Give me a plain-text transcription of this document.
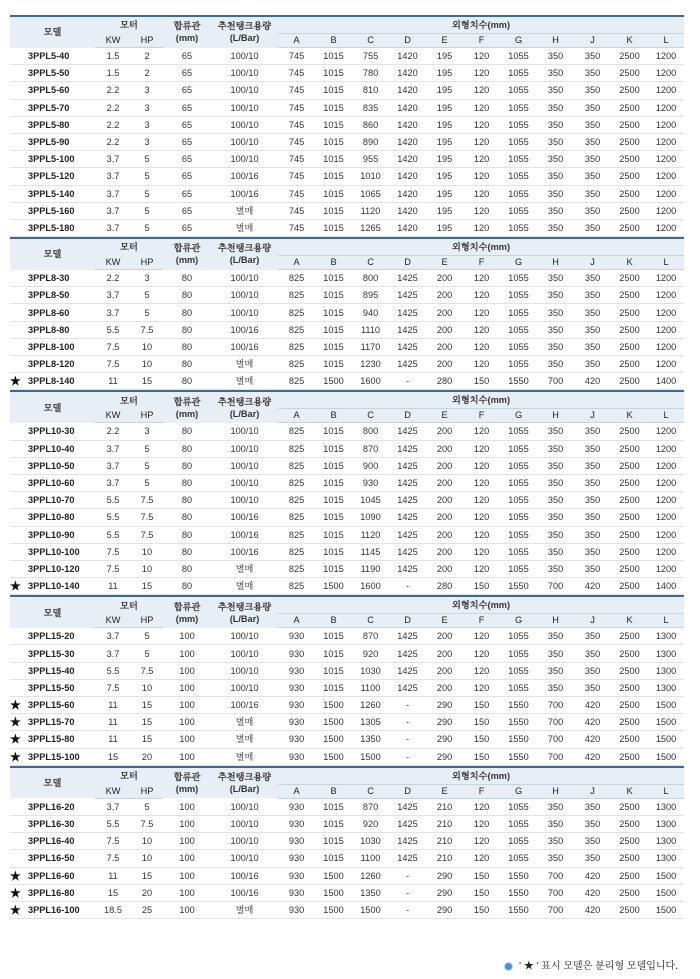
모델	모터		합류관
(mm)	추천탱크용량
(L/Bar)	외형치수(mm)										
	KW	HP			A	B	C	D	E	F	G	H	J	K	L
3PPL5-40	1.5	2	65	100/10	745	1015	755	1420	195	120	1055	350	350	2500	1200
3PPL5-50	1.5	2	65	100/10	745	1015	780	1420	195	120	1055	350	350	2500	1200
3PPL5-60	2.2	3	65	100/10	745	1015	810	1420	195	120	1055	350	350	2500	1200
3PPL5-70	2.2	3	65	100/10	745	1015	835	1420	195	120	1055	350	350	2500	1200
3PPL5-80	2.2	3	65	100/10	745	1015	860	1420	195	120	1055	350	350	2500	1200
3PPL5-90	2.2	3	65	100/10	745	1015	890	1420	195	120	1055	350	350	2500	1200
3PPL5-100	3.7	5	65	100/10	745	1015	955	1420	195	120	1055	350	350	2500	1200
3PPL5-120	3.7	5	65	100/16	745	1015	1010	1420	195	120	1055	350	350	2500	1200
3PPL5-140	3.7	5	65	100/16	745	1015	1065	1420	195	120	1055	350	350	2500	1200
3PPL5-160	3.7	5	65	별매	745	1015	1120	1420	195	120	1055	350	350	2500	1200
3PPL5-180	3.7	5	65	별매	745	1015	1265	1420	195	120	1055	350	350	2500	1200
모델	모터		합류관
(mm)	추천탱크용량
(L/Bar)	외형치수(mm)										
	KW	HP			A	B	C	D	E	F	G	H	J	K	L
3PPL8-30	2.2	3	80	100/10	825	1015	800	1425	200	120	1055	350	350	2500	1200
3PPL8-50	3.7	5	80	100/10	825	1015	895	1425	200	120	1055	350	350	2500	1200
3PPL8-60	3.7	5	80	100/10	825	1015	940	1425	200	120	1055	350	350	2500	1200
3PPL8-80	5.5	7.5	80	100/16	825	1015	1110	1425	200	120	1055	350	350	2500	1200
3PPL8-100	7.5	10	80	100/16	825	1015	1170	1425	200	120	1055	350	350	2500	1200
3PPL8-120	7.5	10	80	별매	825	1015	1230	1425	200	120	1055	350	350	2500	1200

★ 3PPL8-140	11	15	80	별매	825	1500	1600	-	280	150	1550	700	420	2500	1400
모델	모터		합류관
(mm)	추천탱크용량
(L/Bar)	외형치수(mm)										
	KW	HP			A	B	C	D	E	F	G	H	J	K	L
3PPL10-30	2.2	3	80	100/10	825	1015	800	1425	200	120	1055	350	350	2500	1200
3PPL10-40	3.7	5	80	100/10	825	1015	870	1425	200	120	1055	350	350	2500	1200
3PPL10-50	3.7	5	80	100/10	825	1015	900	1425	200	120	1055	350	350	2500	1200
3PPL10-60	3.7	5	80	100/10	825	1015	930	1425	200	120	1055	350	350	2500	1200
3PPL10-70	5.5	7.5	80	100/10	825	1015	1045	1425	200	120	1055	350	350	2500	1200
3PPL10-80	5.5	7.5	80	100/16	825	1015	1090	1425	200	120	1055	350	350	2500	1200
3PPL10-90	5.5	7.5	80	100/16	825	1015	1120	1425	200	120	1055	350	350	2500	1200
3PPL10-100	7.5	10	80	100/16	825	1015	1145	1425	200	120	1055	350	350	2500	1200
3PPL10-120	7.5	10	80	별매	825	1015	1190	1425	200	120	1055	350	350	2500	1200

★ 3PPL10-140	11	15	80	별매	825	1500	1600	-	280	150	1550	700	420	2500	1400
모델	모터		합류관
(mm)	추천탱크용량
(L/Bar)	외형치수(mm)										
	KW	HP			A	B	C	D	E	F	G	H	J	K	L
3PPL15-20	3.7	5	100	100/10	930	1015	870	1425	200	120	1055	350	350	2500	1300
3PPL15-30	3.7	5	100	100/10	930	1015	920	1425	200	120	1055	350	350	2500	1300
3PPL15-40	5.5	7.5	100	100/10	930	1015	1030	1425	200	120	1055	350	350	2500	1300
3PPL15-50	7.5	10	100	100/10	930	1015	1100	1425	200	120	1055	350	350	2500	1300

★ 3PPL15-60	11	15	100	100/16	930	1500	1260	-	290	150	1550	700	420	2500	1500

★ 3PPL15-70	11	15	100	별매	930	1500	1305	-	290	150	1550	700	420	2500	1500

★ 3PPL15-80	11	15	100	별매	930	1500	1350	-	290	150	1550	700	420	2500	1500

★ 3PPL15-100	15	20	100	별매	930	1500	1500	-	290	150	1550	700	420	2500	1500
모델	모터		합류관
(mm)	추천탱크용량
(L/Bar)	외형치수(mm)										
	KW	HP			A	B	C	D	E	F	G	H	J	K	L
3PPL16-20	3.7	5	100	100/10	930	1015	870	1425	210	120	1055	350	350	2500	1300
3PPL16-30	5.5	7.5	100	100/10	930	1015	920	1425	210	120	1055	350	350	2500	1300
3PPL16-40	7.5	10	100	100/10	930	1015	1030	1425	210	120	1055	350	350	2500	1300
3PPL16-50	7.5	10	100	100/10	930	1015	1100	1425	210	120	1055	350	350	2500	1300

★ 3PPL16-60	11	15	100	100/16	930	1500	1260	-	290	150	1550	700	420	2500	1500

★ 3PPL16-80	15	20	100	100/16	930	1500	1350	-	290	150	1550	700	420	2500	1500

★ 3PPL16-100	18.5	25	100	별매	930	1500	1500	-	290	150	1550	700	420	2500	1500
' ★ ' 표시 모델은 분리형 모델입니다.
